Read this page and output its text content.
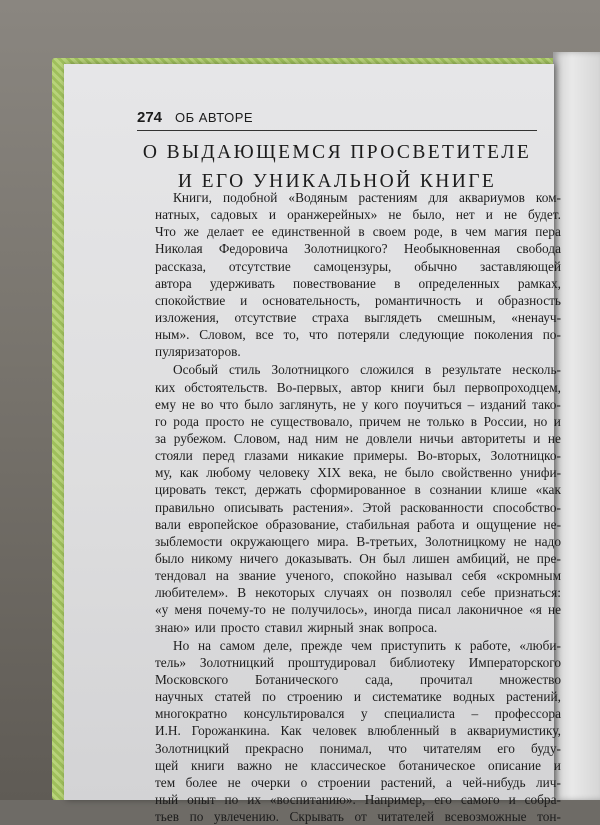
274 ОБ АВТОРЕ
О ВЫДАЮЩЕМСЯ ПРОСВЕТИТЕЛЕ
И ЕГО УНИКАЛЬНОЙ КНИГЕ
Книги, подобной «Водяным растениям для аквариумов ком-
натных, садовых и оранжерейных» не было, нет и не будет.
Что же делает ее единственной в своем роде, в чем магия пера
Николая Федоровича Золотницкого? Необыкновенная свобода
рассказа, отсутствие самоцензуры, обычно заставляющей
автора удерживать повествование в определенных рамках,
спокойствие и основательность, романтичность и образность
изложения, отсутствие страха выглядеть смешным, «ненауч-
ным». Словом, все то, что потеряли следующие поколения по-
пуляризаторов.
Особый стиль Золотницкого сложился в результате несколь-
ких обстоятельств. Во-первых, автор книги был первопроходцем,
ему не во что было заглянуть, не у кого поучиться – изданий тако-
го рода просто не существовало, причем не только в России, но и
за рубежом. Словом, над ним не довлели ничьи авторитеты и не
стояли перед глазами никакие примеры. Во-вторых, Золотницко-
му, как любому человеку XIX века, не было свойственно унифи-
цировать текст, держать сформированное в сознании клише «как
правильно описывать растения». Этой раскованности способство-
вали европейское образование, стабильная работа и ощущение не-
зыблемости окружающего мира. В-третьих, Золотницкому не надо
было никому ничего доказывать. Он был лишен амбиций, не пре-
тендовал на звание ученого, спокойно называл себя «скромным
любителем». В некоторых случаях он позволял себе признаться:
«у меня почему-то не получилось», иногда писал лаконичное «я не
знаю» или просто ставил жирный знак вопроса.
Но на самом деле, прежде чем приступить к работе, «люби-
тель» Золотницкий проштудировал библиотеку Императорского
Московского Ботанического сада, прочитал множество
научных статей по строению и систематике водных растений,
многократно консультировался у специалиста – профессора
И.Н. Горожанкина. Как человек влюбленный в аквариумистику,
Золотницкий прекрасно понимал, что читателям его буду-
щей книги важно не классическое ботаническое описание и
тем более не очерки о строении растений, а чей-нибудь лич-
ный опыт по их «воспитанию». Например, его самого и собра-
тьев по увлечению. Скрывать от читателей всевозможные тон-
